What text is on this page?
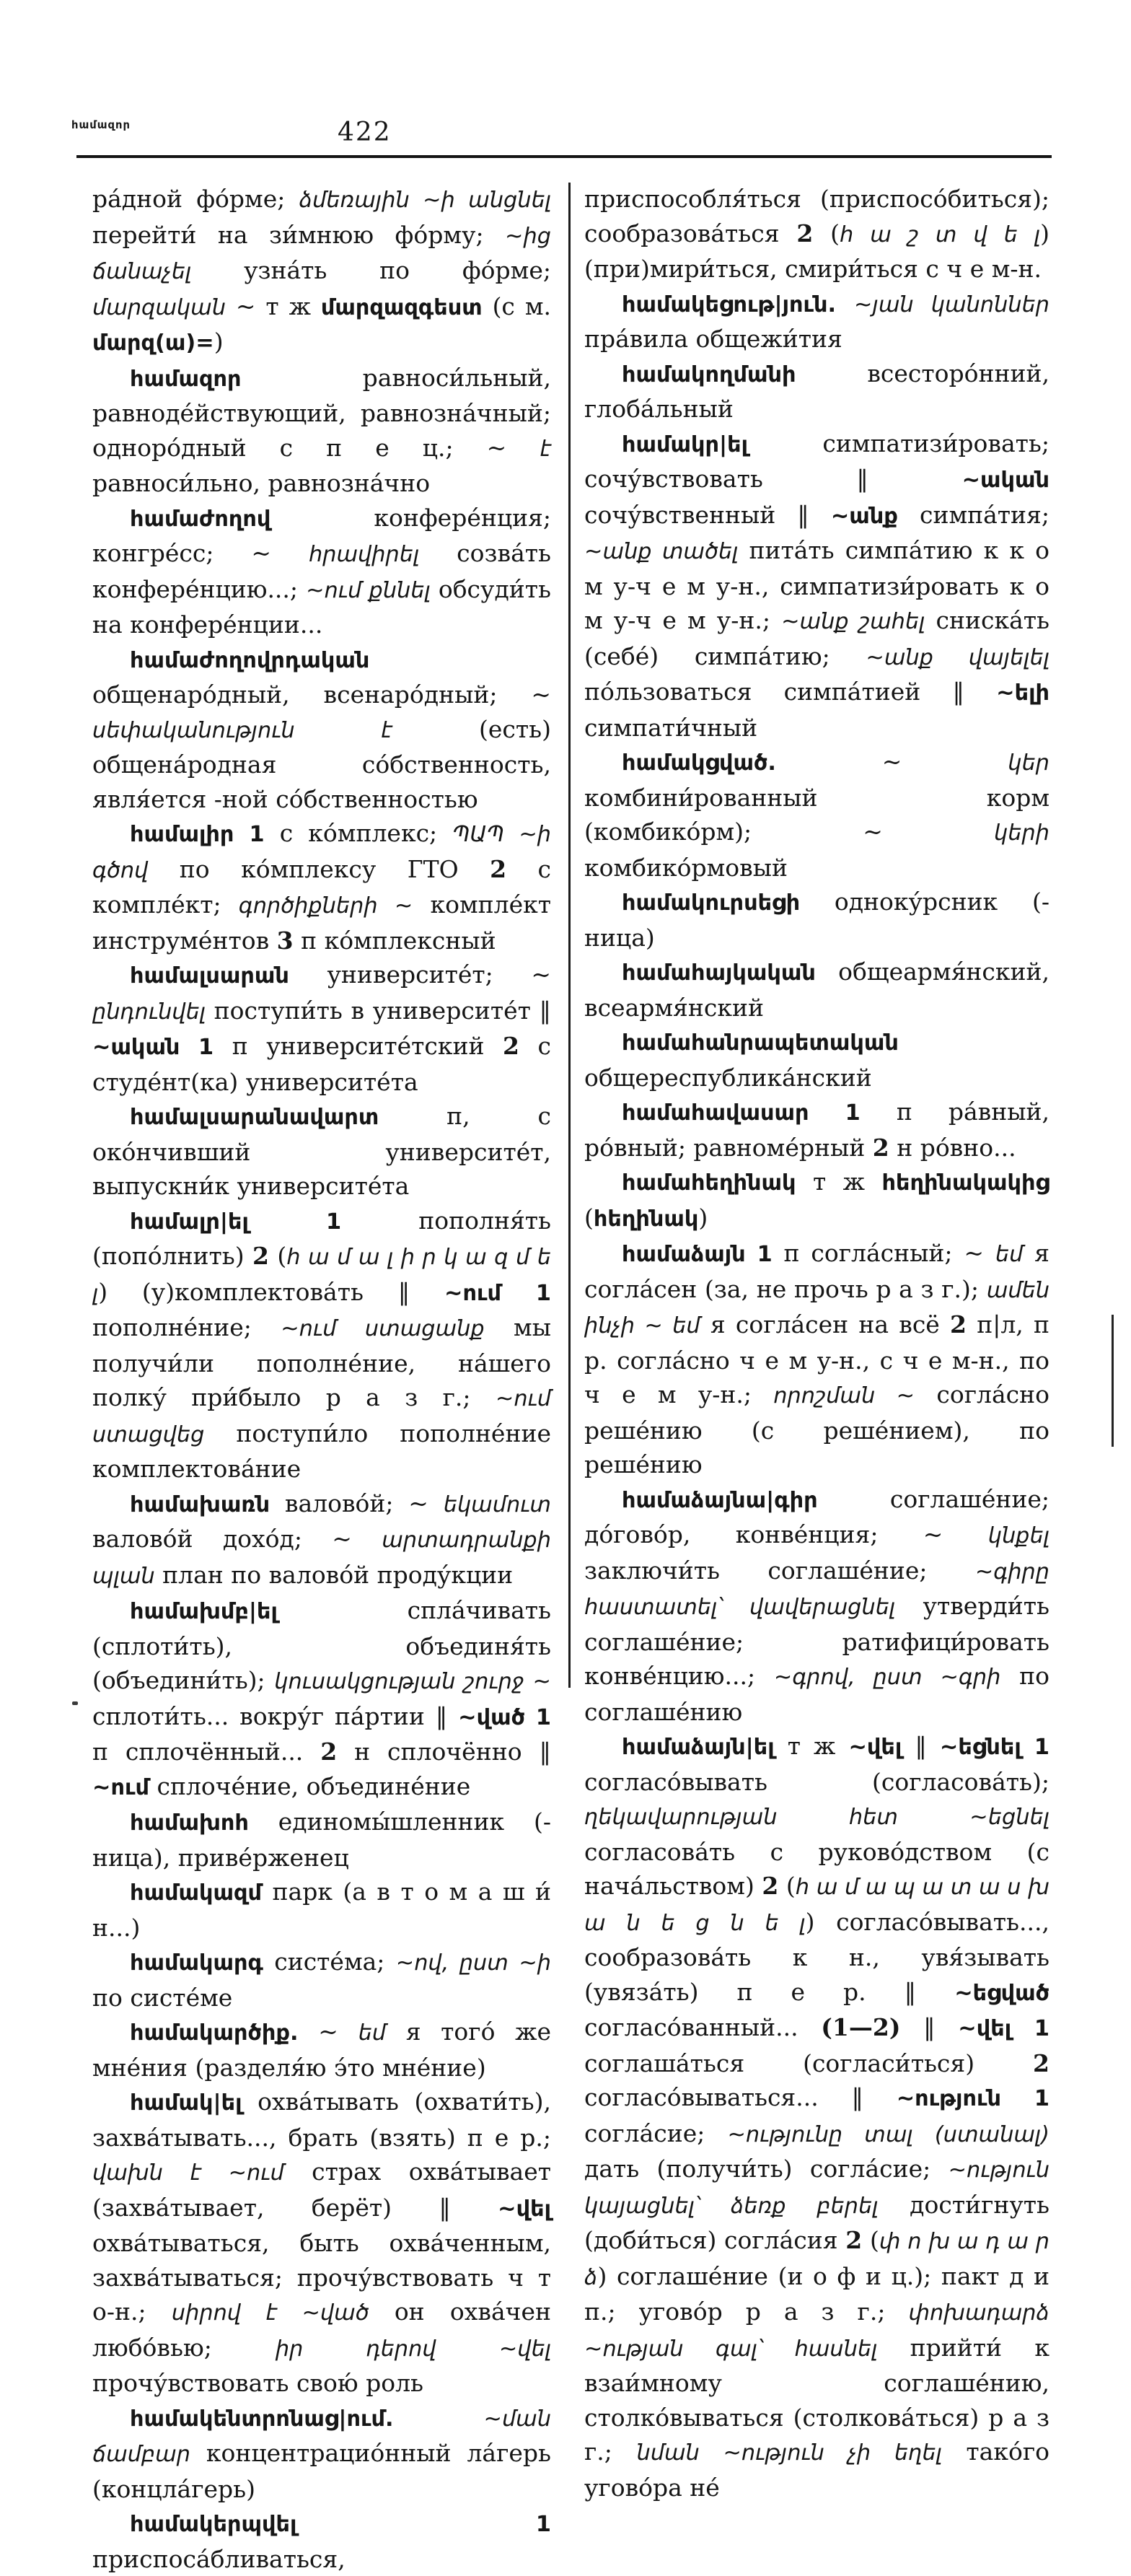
համազոր	422

ра́дной фо́рме; ձմեռային ~ի անցնել перейти́ на зи́мнюю фо́рму; ~ից ճանաչել узна́ть по фо́рме; մարզական ~ т ж մարզազգեստ (с м. մարզ(ա)=)

համազոր равноси́льный, равноде́йствующий, равнозна́чный; одноро́дный с п е ц.; ~ է равноси́льно, равнозна́чно

համաժողով конфере́нция; конгре́сс; ~ հրավիրել созва́ть конфере́нцию...; ~ում քննել обсуди́ть на конфере́нции...

համաժողովրդական общенаро́дный, всенаро́дный; ~ սեփականություն է (есть) общена́родная со́бственность, явля́ется -ной со́бственностью

համալիր 1 с ко́мплекс; ՊԱՊ ~ի գծով по ко́мплексу ГТО 2 с компле́кт; գործիքների ~ компле́кт инструме́нтов 3 п ко́мплексный

համալսարան университе́т; ~ ընդունվել поступи́ть в университе́т ‖ ~ական 1 п университе́тский 2 с студе́нт(ка) университе́та

համալսարանավարտ п, с око́нчивший университе́т, выпускни́к университе́та

համալր|ել 1 пополня́ть (попо́лнить) 2 (հ ա մ ա լ ի ր կ ա զ մ ե լ) (у)комплектова́ть ‖ ~ում 1 пополне́ние; ~ում ստացանք мы получи́ли пополне́ние, на́шего полку́ при́было р а з г.; ~ում ստացվեց поступи́ло пополне́ние комплектова́ние

համախառն валово́й; ~ եկամուտ валово́й дохо́д; ~ արտադրանքի պլան план по валово́й проду́кции

համախմբ|ել спла́чивать (сплоти́ть), объединя́ть (объедини́ть); կուսակցության շուրջ ~ сплоти́ть... вокру́г па́ртии ‖ ~ված 1 п сплочённый... 2 н сплочённо ‖ ~ում сплоче́ние, объедине́ние

համախոհ единомы́шленник (-ница), приве́рженец

համակազմ парк (а в т о м а ш и́ н...)

համակարգ систе́ма; ~ով, ըստ ~ի по систе́ме

համակարծիք. ~ եմ я того́ же мне́ния (разделя́ю э́то мне́ние)

համակ|ել охва́тывать (охвати́ть), захва́тывать..., брать (взять) п е р.; վախն է ~ում страх охва́тывает (захва́тывает, берёт) ‖ ~վել охва́тываться, быть охва́ченным, захва́тываться; прочу́вствовать ч т о-н.; սիրով է ~ված он охва́чен любо́вью; իր դերով ~վել прочу́вствовать свою́ роль

համակենտրոնաց|ում.	~ման ճամբար концентрацио́нный ла́герь (концла́герь)

համակերպվել 1 приспоса́бливаться,

приспособля́ться (приспосо́биться); сообразова́ться 2 (հ ա շ տ վ ե լ) (при)мири́ться, смири́ться с ч е м-н.

համակեցութ|յուն. ~յան կանոններ пра́вила общежи́тия

համակողմանի всесторо́нний, глоба́льный

համակր|ել симпатизи́ровать; сочу́вствовать ‖ ~ական сочу́вственный ‖ ~անք симпа́тия; ~անք տածել пита́ть симпа́тию к к о м у-ч е м у-н., симпатизи́ровать к о м у-ч е м у-н.; ~անք շահել сниска́ть (себе́) симпа́тию; ~անք վայելել по́льзоваться симпа́тией ‖ ~ելի симпати́чный

համակցված. ~ կեր комбини́рованный корм (комбико́рм); ~ կերի комбико́рмовый

համակուրսեցի одноку́рсник (-ница)

համահայկական общеармя́нский, всеармя́нский

համահանրապետական общереспублика́нский

համահավասար 1 п ра́вный, ро́вный; равноме́рный 2 н ро́вно...

համահեղինակ т ж հեղինակակից (հեղինակ)

համաձայն 1 п согла́сный; ~ եմ я согла́сен (за, не прочь р а з г.); ամեն ինչի ~ եմ я согла́сен на всё 2 п|л, п р. согла́сно ч е м у-н., с ч е м-н., по ч е м у-н.; որոշման ~ согла́сно реше́нию (с реше́нием), по реше́нию

համաձայնա|գիր соглаше́ние; до́гово́р, конве́нция; ~ կնքել заключи́ть соглаше́ние; ~գիրը հաստատել՝ վավերացնել утверди́ть соглаше́ние; ратифици́ровать конве́нцию...; ~գրով, ըստ ~գրի по соглаше́нию

համաձայն|ել т ж ~վել ‖ ~եցնել 1 согласо́вывать (согласова́ть); ղեկավարության հետ ~եցնել согласова́ть с руково́дством (с нача́льством) 2 (հ ա մ ա պ ա տ ա ս խ ա ն ե ց ն ե լ) согласо́вывать..., сообразова́ть к н., увя́зывать (увяза́ть) п е р. ‖ ~եցված согласо́ванный... (1—2) ‖ ~վել 1 соглаша́ться (согласи́ться) 2 согласо́вываться... ‖ ~ություն 1 согла́сие; ~ությունը տալ (ստանալ) дать (получи́ть) согла́сие; ~ություն կայացնել՝ ձեռք բերել дости́гнуть (доби́ться) согла́сия 2 (փ ո խ ա դ ա ր ձ) соглаше́ние (и о ф и ц.); пакт д и п.; угово́р р а з г.; փոխադարձ ~ության գալ՝ հասնել прийти́ к взаи́мному соглаше́нию, столко́вываться (столкова́ться) р а з г.; նման ~ություն չի եղել тако́го угово́ра не́
